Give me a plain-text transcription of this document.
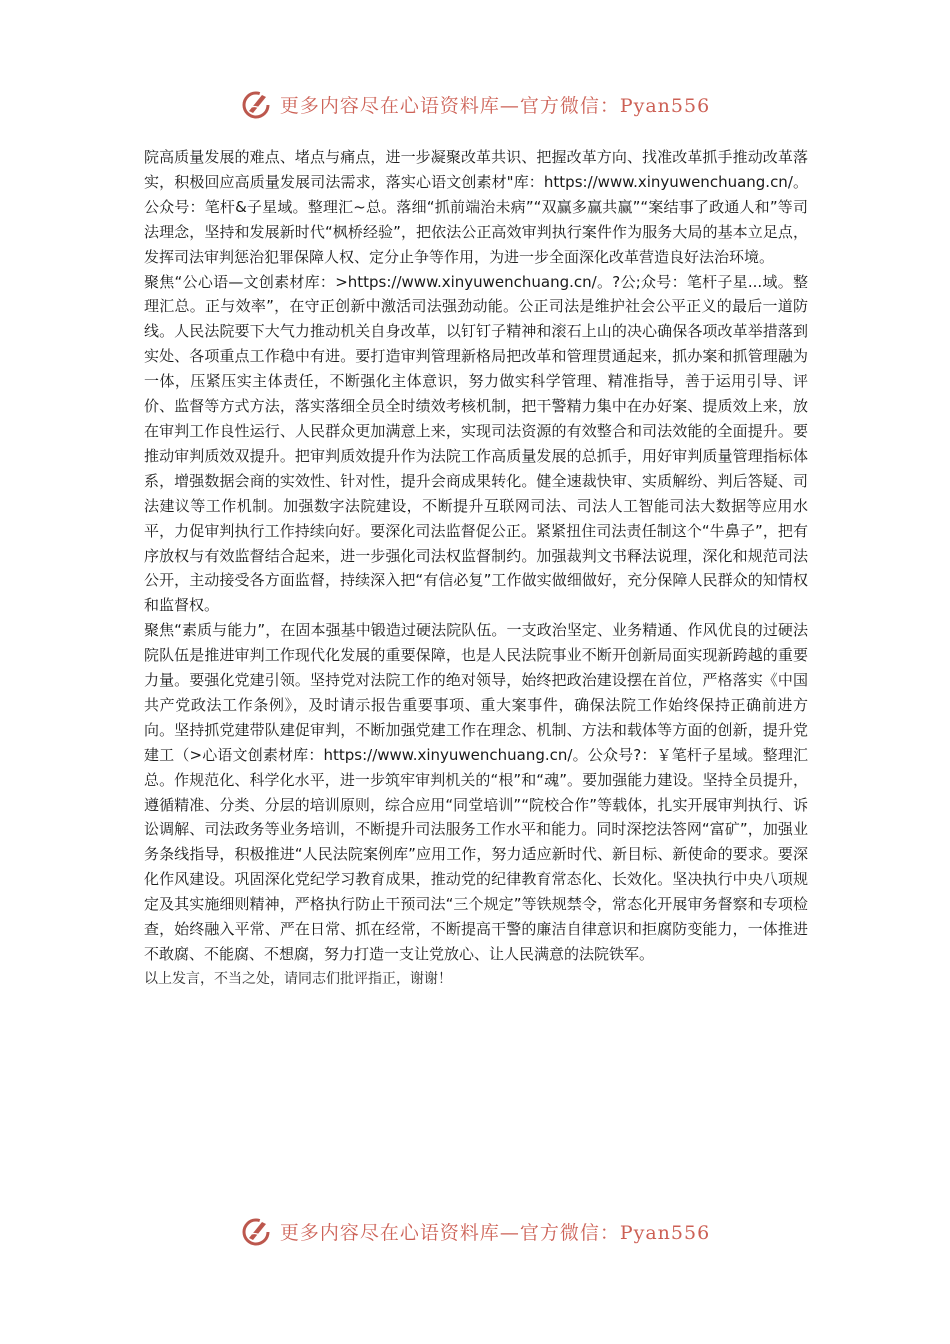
更多内容尽在心语资料库—官方微信：Pyan556

院高质量发展的难点、堵点与痛点，进一步凝聚改革共识、把握改革方向、找准改革抓手推动改革落实，积极回应高质量发展司法需求，落实心语文创素材"库：https://www.xinyuwenchuang.cn/。公众号：笔杆&子星域。整理汇~总。落细“抓前端治未病”“双赢多赢共赢”“案结事了政通人和”等司法理念，坚持和发展新时代“枫桥经验”，把依法公正高效审判执行案件作为服务大局的基本立足点，发挥司法审判惩治犯罪保障人权、定分止争等作用，为进一步全面深化改革营造良好法治环境。

聚焦“公心语—文创素材库：>https://www.xinyuwenchuang.cn/。?公;众号：笔杆子星...域。整理汇总。正与效率”，在守正创新中激活司法强劲动能。公正司法是维护社会公平正义的最后一道防线。人民法院要下大气力推动机关自身改革，以钉钉子精神和滚石上山的决心确保各项改革举措落到实处、各项重点工作稳中有进。要打造审判管理新格局把改革和管理贯通起来，抓办案和抓管理融为一体，压紧压实主体责任，不断强化主体意识，努力做实科学管理、精准指导，善于运用引导、评价、监督等方式方法，落实落细全员全时绩效考核机制，把干警精力集中在办好案、提质效上来，放在审判工作良性运行、人民群众更加满意上来，实现司法资源的有效整合和司法效能的全面提升。要推动审判质效双提升。把审判质效提升作为法院工作高质量发展的总抓手，用好审判质量管理指标体系，增强数据会商的实效性、针对性，提升会商成果转化。健全速裁快审、实质解纷、判后答疑、司法建议等工作机制。加强数字法院建设，不断提升互联网司法、司法人工智能司法大数据等应用水平，力促审判执行工作持续向好。要深化司法监督促公正。紧紧扭住司法责任制这个“牛鼻子”，把有序放权与有效监督结合起来，进一步强化司法权监督制约。加强裁判文书释法说理，深化和规范司法公开，主动接受各方面监督，持续深入把“有信必复”工作做实做细做好，充分保障人民群众的知情权和监督权。

聚焦“素质与能力”，在固本强基中锻造过硬法院队伍。一支政治坚定、业务精通、作风优良的过硬法院队伍是推进审判工作现代化发展的重要保障，也是人民法院事业不断开创新局面实现新跨越的重要力量。要强化党建引领。坚持党对法院工作的绝对领导，始终把政治建设摆在首位，严格落实《中国共产党政法工作条例》，及时请示报告重要事项、重大案事件，确保法院工作始终保持正确前进方向。坚持抓党建带队建促审判，不断加强党建工作在理念、机制、方法和载体等方面的创新，提升党建工（>心语文创素材库：https://www.xinyuwenchuang.cn/。公众号?：￥笔杆子星域。整理汇总。作规范化、科学化水平，进一步筑牢审判机关的“根”和“魂”。要加强能力建设。坚持全员提升，遵循精准、分类、分层的培训原则，综合应用“同堂培训”“院校合作”等载体，扎实开展审判执行、诉讼调解、司法政务等业务培训，不断提升司法服务工作水平和能力。同时深挖法答网“富矿”，加强业务条线指导，积极推进“人民法院案例库”应用工作，努力适应新时代、新目标、新使命的要求。要深化作风建设。巩固深化党纪学习教育成果，推动党的纪律教育常态化、长效化。坚决执行中央八项规定及其实施细则精神，严格执行防止干预司法“三个规定”等铁规禁令，常态化开展审务督察和专项检查，始终融入平常、严在日常、抓在经常，不断提高干警的廉洁自律意识和拒腐防变能力，一体推进不敢腐、不能腐、不想腐，努力打造一支让党放心、让人民满意的法院铁军。

以上发言，不当之处，请同志们批评指正，谢谢！

更多内容尽在心语资料库—官方微信：Pyan556
